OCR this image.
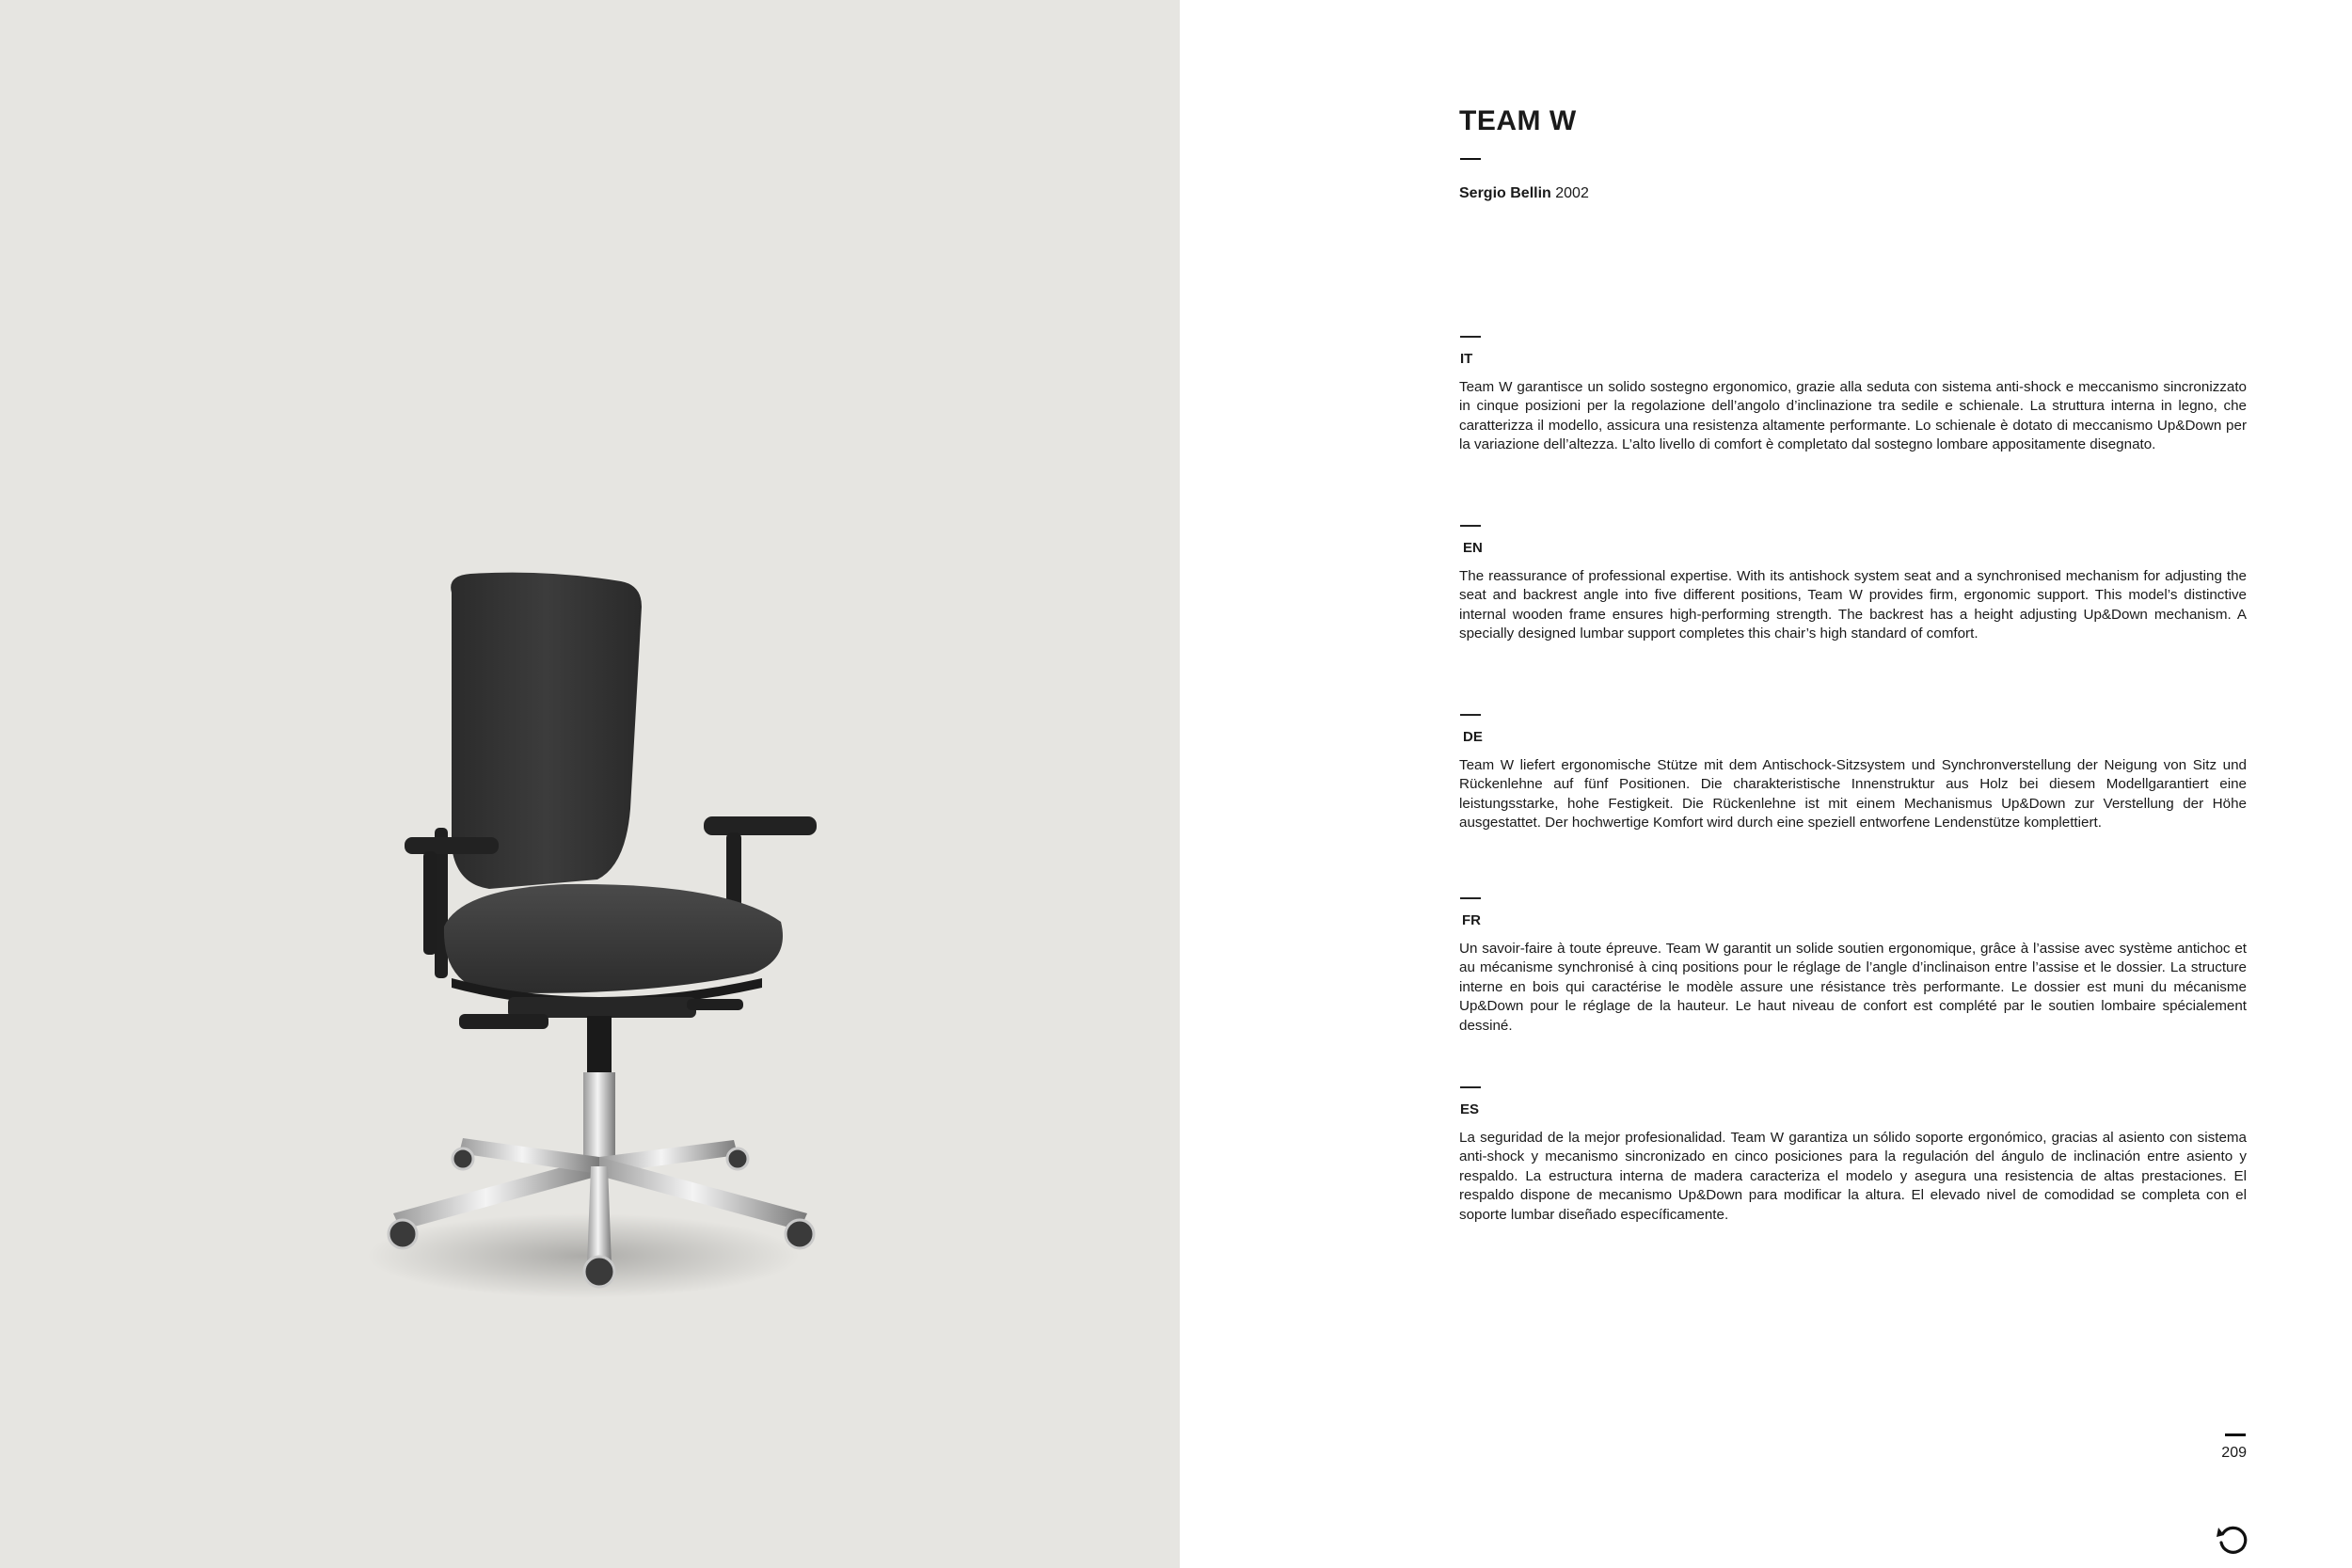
TEAM W
Sergio Bellin 2002
IT

Team W garantisce un solido sostegno ergonomico, grazie alla seduta con sistema anti-shock e meccanismo sincronizzato in cinque posizioni per la regolazione dell’angolo d’inclinazione tra sedile e schienale. La struttura interna in legno, che caratterizza il modello, assicura una resistenza altamente performante. Lo schienale è dotato di meccanismo Up&Down per la variazione dell’altezza. L’alto livello di comfort è completato dal sostegno lombare appositamente disegnato.

EN

The reassurance of professional expertise. With its antishock system seat and a synchronised mechanism for adjusting the seat and backrest angle into five different positions, Team W provides firm, ergonomic support. This model’s distinctive internal wooden frame ensures high-performing strength. The backrest has a height adjusting Up&Down mechanism. A specially designed lumbar support completes this chair’s high standard of comfort.

DE

Team W liefert ergonomische Stütze mit dem Antischock-Sitzsystem und Synchronverstellung der Neigung von Sitz und Rückenlehne auf fünf Positionen. Die charakteristische Innenstruktur aus Holz bei diesem Modellgarantiert eine leistungsstarke, hohe Festigkeit. Die Rückenlehne ist mit einem Mechanismus Up&Down zur Verstellung der Höhe ausgestattet. Der hochwertige Komfort wird durch eine speziell entworfene Lendenstütze komplettiert.

FR

Un savoir-faire à toute épreuve. Team W garantit un solide soutien ergonomique, grâce à l’assise avec système antichoc et au mécanisme synchronisé à cinq positions pour le réglage de l’angle d’inclinaison entre l’assise et le dossier. La structure interne en bois qui caractérise le modèle assure une résistance très performante. Le dossier est muni du mécanisme Up&Down pour le réglage de la hauteur. Le haut niveau de confort est complété par le soutien lombaire spécialement dessiné.

ES

La seguridad de la mejor profesionalidad. Team W garantiza un sólido soporte ergonómico, gracias al asiento con sistema anti-shock y mecanismo sincronizado en cinco posiciones para la regulación del ángulo de inclinación entre asiento y respaldo. La estructura interna de madera caracteriza el modelo y asegura una resistencia de altas prestaciones. El respaldo dispone de mecanismo Up&Down para modificar la altura. El elevado nivel de comodidad se completa con el soporte lumbar diseñado específicamente.

209
